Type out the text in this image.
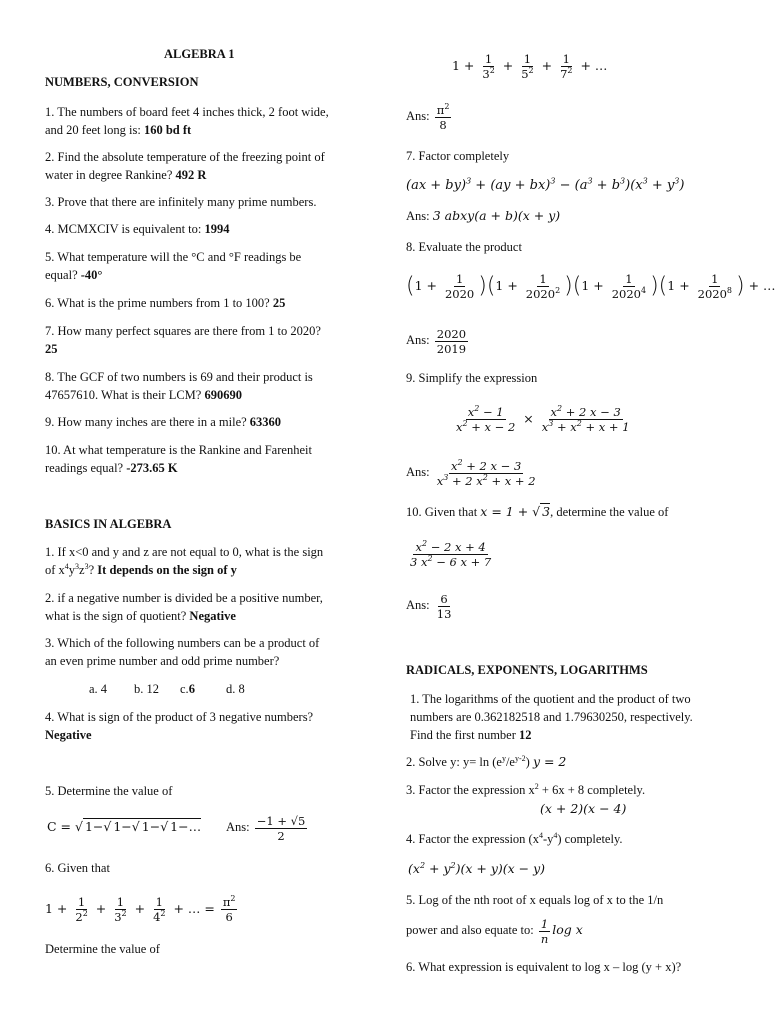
ALGEBRA 1
NUMBERS, CONVERSION
1. The numbers of board feet 4 inches thick, 2 foot wide,
and 20 feet long is: 160 bd ft
2. Find the absolute temperature of the freezing point of
water in degree Rankine? 492 R
3. Prove that there are infinitely many prime numbers.
4. MCMXCIV is equivalent to: 1994
5. What temperature will the °C and °F readings be
equal? -40°
6. What is the prime numbers from 1 to 100? 25
7. How many perfect squares are there from 1 to 2020?
25
8. The GCF of two numbers is 69 and their product is
47657610. What is their LCM? 690690
9. How many inches are there in a mile? 63360
10. At what temperature is the Rankine and Farenheit
readings equal? -273.65 K
BASICS IN ALGEBRA
1. If x<0 and y and z are not equal to 0, what is the sign
of $x^4y^3z^3$? It depends on the sign of y
2. if a negative number is divided be a positive number,
what is the sign of quotient? Negative
3. Which of the following numbers can be a product of
an even prime number and odd prime number?
a. 4 b. 12 c.6 d. 8
4. What is sign of the product of 3 negative numbers?
Negative
5. Determine the value of
C = √ 1−√ 1−√ 1−√ 1−… Ans: $\frac{-1 + √5}{2}$
6. Given that
$1 + \frac{1}{2^2} + \frac{1}{3^2} + \frac{1}{4^2}$ + … = $\frac{\pi^2}{6}$
Determine the value of
$1 + \frac{1}{3^2} + \frac{1}{5^2} + \frac{1}{7^2}$ + …
Ans: $\frac{\pi^2}{8}$
7. Factor completely
$(ax + by)^3 + (ay + bx)^3 - (a^3 + b^3)(x^3 + y^3)$
Ans: 3 abxy(a + b)(x + y)
8. Evaluate the product
$(1 + \frac{1}{2020} )(1 + \frac{1}{2020^2} )(1 + \frac{1}{2020^4} )(1 + \frac{1}{2020^8}$ ) + …
Ans: $\frac{2020}{2019}$
9. Simplify the expression
$\frac{x^2 - 1}{x^2 + x - 2} \times \frac{x^2 + 2 x - 3}{x^3 + x^2 + x + 1}$
Ans: $\frac{x^2 + 2 x - 3}{x^3 + 2 x^2 + x + 2}$
10. Given that x = 1 + √ 3, determine the value of
$\frac{x^2 - 2 x + 4}{3 x^2 - 6 x + 7}$
Ans: $\frac{6}{13}$
RADICALS, EXPONENTS, LOGARITHMS
1. The logarithms of the quotient and the product of two
numbers are 0.362182518 and 1.79630250, respectively.
Find the first number 12
2. Solve y: $y= \ln (e^y/e^{y-2}) y = 2$
3. Factor the expression $x^2 + 6x + 8$ completely.
(x + 2)(x − 4)
4. Factor the expression $(x^4-y^4)$ completely.
$(x^2 + y^2)(x + y)(x - y)$
5. Log of the nth root of x equals log of x to the 1/n
power and also equate to: $\frac{1}{n}$ log x
6. What expression is equivalent to log x – log (y + x)?
